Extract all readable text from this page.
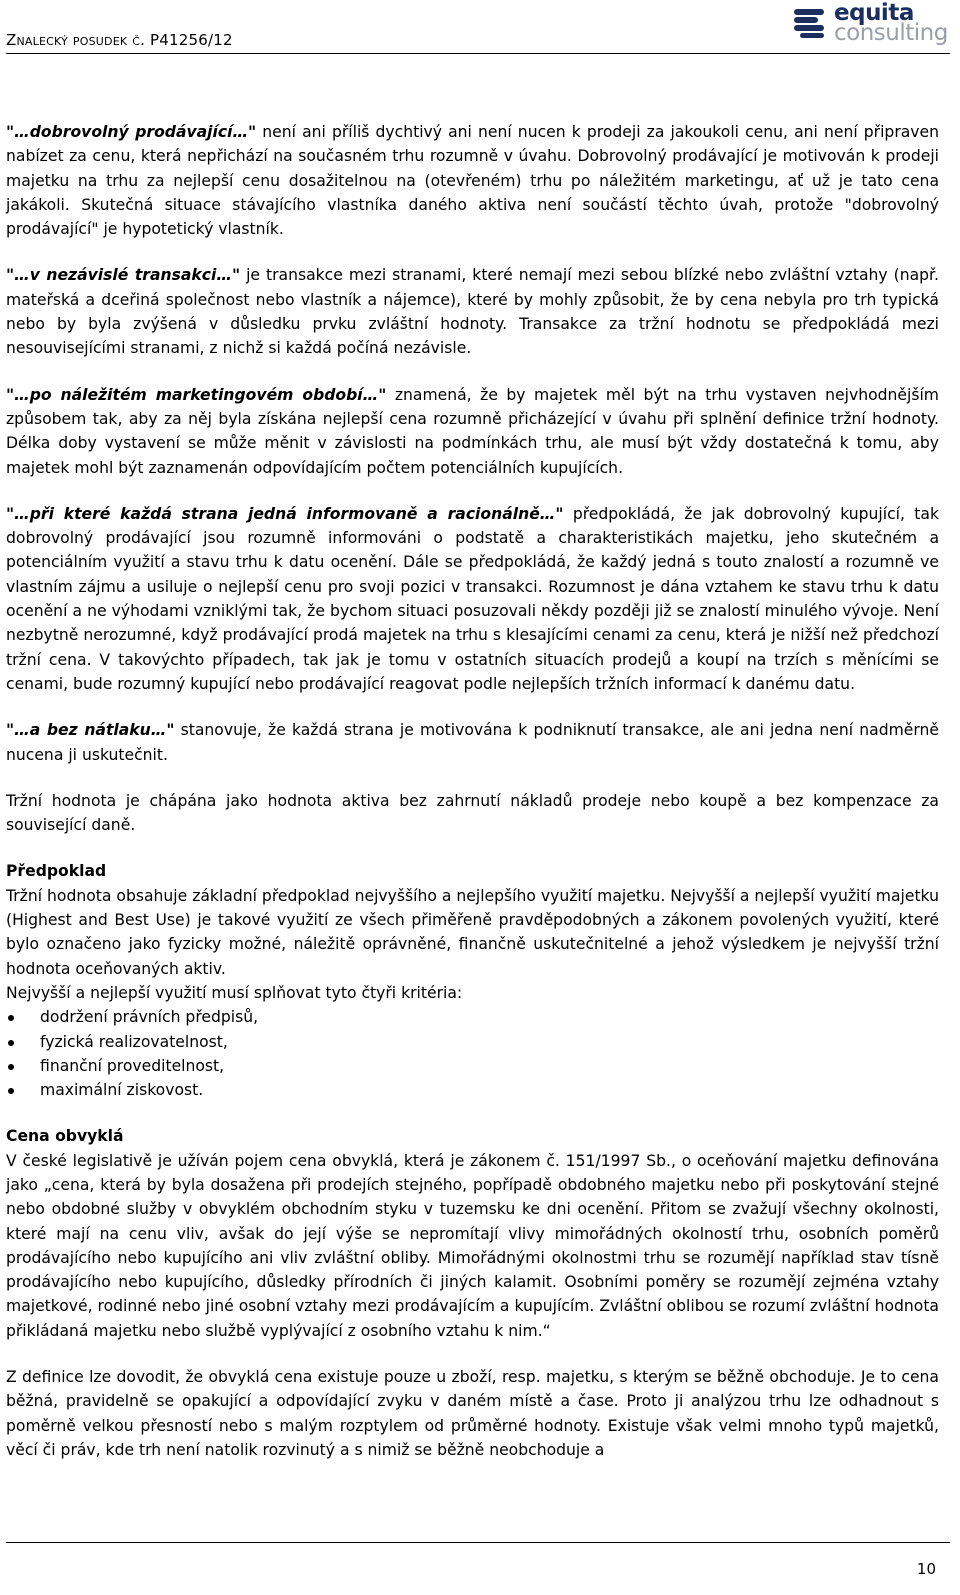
Znalecký posudek č. P41256/12
equita
consulting

"…dobrovolný prodávající…" není ani příliš dychtivý ani není nucen k prodeji za jakoukoli cenu, ani není připraven nabízet za cenu, která nepřichází na současném trhu rozumně v úvahu. Dobrovolný prodávající je motivován k prodeji majetku na trhu za nejlepší cenu dosažitelnou na (otevřeném) trhu po náležitém marketingu, ať už je tato cena jakákoli. Skutečná situace stávajícího vlastníka daného aktiva není součástí těchto úvah, protože "dobrovolný prodávající" je hypotetický vlastník.

"…v nezávislé transakci…" je transakce mezi stranami, které nemají mezi sebou blízké nebo zvláštní vztahy (např. mateřská a dceřiná společnost nebo vlastník a nájemce), které by mohly způsobit, že by cena nebyla pro trh typická nebo by byla zvýšená v důsledku prvku zvláštní hodnoty. Transakce za tržní hodnotu se předpokládá mezi nesouvisejícími stranami, z nichž si každá počíná nezávisle.

"…po náležitém marketingovém období…" znamená, že by majetek měl být na trhu vystaven nejvhodnějším způsobem tak, aby za něj byla získána nejlepší cena rozumně přicházející v úvahu při splnění definice tržní hodnoty. Délka doby vystavení se může měnit v závislosti na podmínkách trhu, ale musí být vždy dostatečná k tomu, aby majetek mohl být zaznamenán odpovídajícím počtem potenciálních kupujících.

"…při které každá strana jedná informovaně a racionálně…" předpokládá, že jak dobrovolný kupující, tak dobrovolný prodávající jsou rozumně informováni o podstatě a charakteristikách majetku, jeho skutečném a potenciálním využití a stavu trhu k datu ocenění. Dále se předpokládá, že každý jedná s touto znalostí a rozumně ve vlastním zájmu a usiluje o nejlepší cenu pro svoji pozici v transakci. Rozumnost je dána vztahem ke stavu trhu k datu ocenění a ne výhodami vzniklými tak, že bychom situaci posuzovali někdy později již se znalostí minulého vývoje. Není nezbytně nerozumné, když prodávající prodá majetek na trhu s klesajícími cenami za cenu, která je nižší než předchozí tržní cena. V takovýchto případech, tak jak je tomu v ostatních situacích prodejů a koupí na trzích s měnícími se cenami, bude rozumný kupující nebo prodávající reagovat podle nejlepších tržních informací k danému datu.

"…a bez nátlaku…" stanovuje, že každá strana je motivována k podniknutí transakce, ale ani jedna není nadměrně nucena ji uskutečnit.

Tržní hodnota je chápána jako hodnota aktiva bez zahrnutí nákladů prodeje nebo koupě a bez kompenzace za související daně.

Předpoklad

Tržní hodnota obsahuje základní předpoklad nejvyššího a nejlepšího využití majetku. Nejvyšší a nejlepší využití majetku (Highest and Best Use) je takové využití ze všech přiměřeně pravděpodobných a zákonem povolených využití, které bylo označeno jako fyzicky možné, náležitě oprávněné, finančně uskutečnitelné a jehož výsledkem je nejvyšší tržní hodnota oceňovaných aktiv.

Nejvyšší a nejlepší využití musí splňovat tyto čtyři kritéria:

dodržení právních předpisů,
fyzická realizovatelnost,
finanční proveditelnost,
maximální ziskovost.
Cena obvyklá

V české legislativě je užíván pojem cena obvyklá, která je zákonem č. 151/1997 Sb., o oceňování majetku definována jako „cena, která by byla dosažena při prodejích stejného, popřípadě obdobného majetku nebo při poskytování stejné nebo obdobné služby v obvyklém obchodním styku v tuzemsku ke dni ocenění. Přitom se zvažují všechny okolnosti, které mají na cenu vliv, avšak do její výše se nepromítají vlivy mimořádných okolností trhu, osobních poměrů prodávajícího nebo kupujícího ani vliv zvláštní obliby. Mimořádnými okolnostmi trhu se rozumějí například stav tísně prodávajícího nebo kupujícího, důsledky přírodních či jiných kalamit. Osobními poměry se rozumějí zejména vztahy majetkové, rodinné nebo jiné osobní vztahy mezi prodávajícím a kupujícím. Zvláštní oblibou se rozumí zvláštní hodnota přikládaná majetku nebo službě vyplývající z osobního vztahu k nim.“

Z definice lze dovodit, že obvyklá cena existuje pouze u zboží, resp. majetku, s kterým se běžně obchoduje. Je to cena běžná, pravidelně se opakující a odpovídající zvyku v daném místě a čase. Proto ji analýzou trhu lze odhadnout s poměrně velkou přesností nebo s malým rozptylem od průměrné hodnoty. Existuje však velmi mnoho typů majetků, věcí či práv, kde trh není natolik rozvinutý a s nimiž se běžně neobchoduje a

10
